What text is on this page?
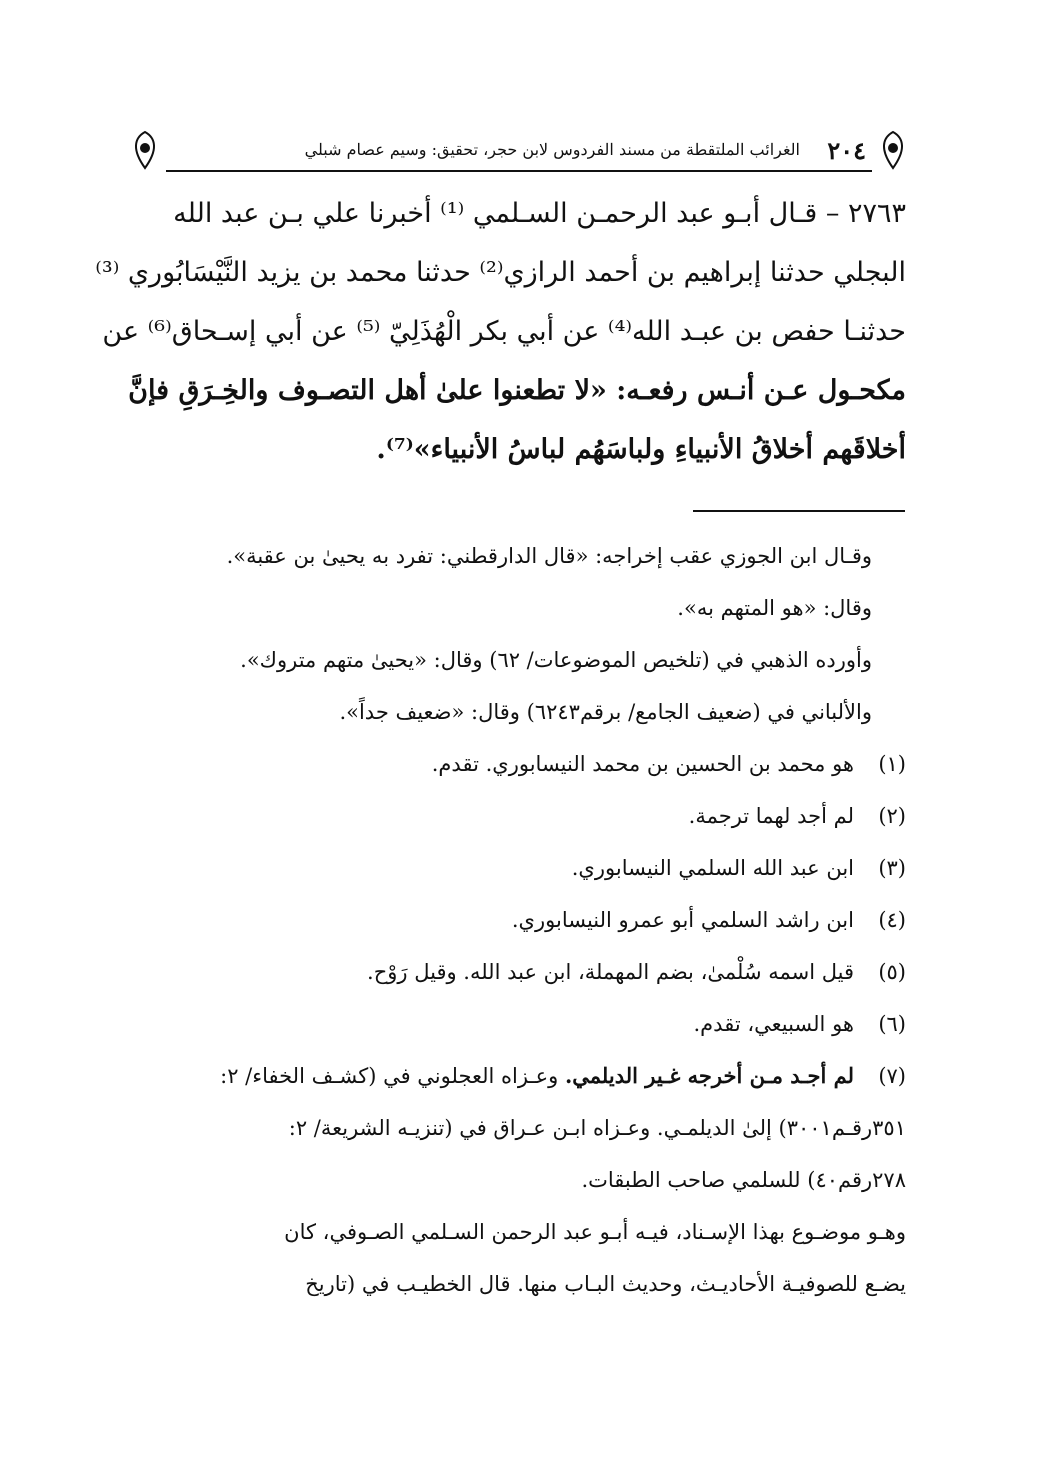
٢٠٤
الغرائب الملتقطة من مسند الفردوس لابن حجر، تحقيق: وسيم عصام شبلي
٢٧٦٣ – قـال أبـو عبد الرحمـن السـلمي ⁽¹⁾ أخبرنا علي بـن عبد الله
البجلي حدثنا إبراهيم بن أحمد الرازي⁽²⁾ حدثنا محمد بن يزيد النَّيْسَابُوري ⁽³⁾
حدثنـا حفص بن عبـد الله⁽⁴⁾ عن أبي بكر الْهُذَلِيّ ⁽⁵⁾ عن أبي إسـحاق⁽⁶⁾ عن
مكحـول عـن أنـس رفعـه: «لا تطعنوا علىٰ أهل التصـوف والخِـرَقِ فإنَّ
أخلاقَهم أخلاقُ الأنبياءِ ولباسَهُم لباسُ الأنبياء»⁽⁷⁾.
وقـال ابن الجوزي عقب إخراجه: «قال الدارقطني: تفرد به يحيىٰ بن عقبة».
وقال: «هو المتهم به».
وأورده الذهبي في (تلخيص الموضوعات/ ٦٢) وقال: «يحيىٰ متهم متروك».
والألباني في (ضعيف الجامع/ برقم٦٢٤٣) وقال: «ضعيف جداً».
(١)
هو محمد بن الحسين بن محمد النيسابوري. تقدم.
(٢)
لم أجد لهما ترجمة.
(٣)
ابن عبد الله السلمي النيسابوري.
(٤)
ابن راشد السلمي أبو عمرو النيسابوري.
(٥)
قيل اسمه سُلْمىٰ، بضم المهملة، ابن عبد الله. وقيل رَوْح.
(٦)
هو السبيعي، تقدم.
(٧)
لم أجـد مـن أخرجه غـير الديلمي. وعـزاه العجلوني في (كشـف الخفاء/ ٢:
٣٥١رقـم٣٠٠١) إلىٰ الديلمـي. وعـزاه ابـن عـراق في (تنزيـه الشريعة/ ٢:
٢٧٨رقم٤٠) للسلمي صاحب الطبقات.
وهـو موضـوع بهذا الإسـناد، فيـه أبـو عبد الرحمن السـلمي الصـوفي، كان
يضـع للصوفيـة الأحاديـث، وحديث البـاب منها. قال الخطيـب في (تاريخ
